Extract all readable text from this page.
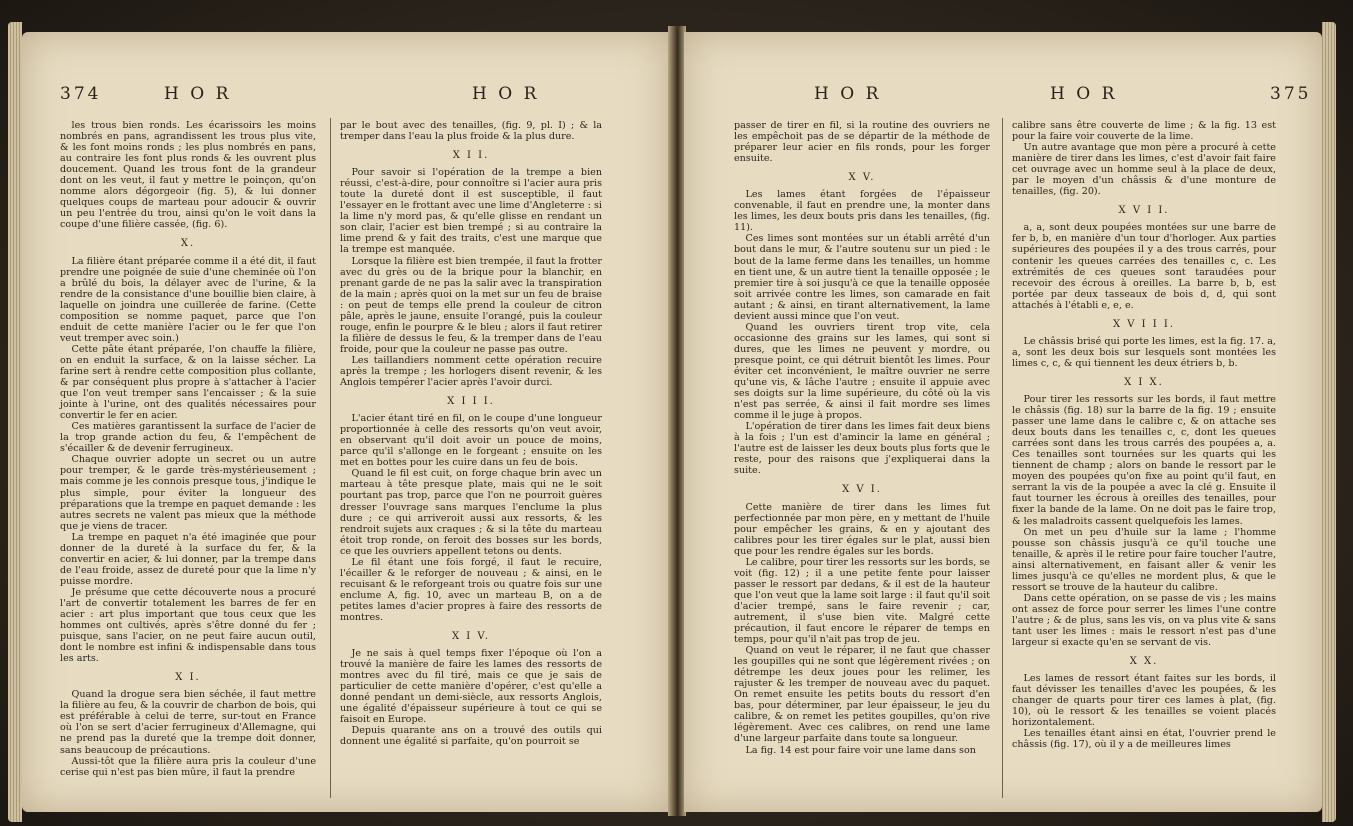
374	H O R	H O R

les trous bien ronds. Les écarissoirs les moins nombrés en pans, agrandissent les trous plus vite, & les font moins ronds ; les plus nombrés en pans, au contraire les font plus ronds & les ouvrent plus doucement. Quand les trous font de la grandeur dont on les veut, il faut y mettre le poinçon, qu'on nomme alors dégorgeoir (fig. 5), & lui donner quelques coups de marteau pour adoucir & ouvrir un peu l'entrée du trou, ainsi qu'on le voit dans la coupe d'une filière cassée, (fig. 6).

X.

La filière étant préparée comme il a été dit, il faut prendre une poignée de suie d'une cheminée où l'on a brûlé du bois, la délayer avec de l'urine, & la rendre de la consistance d'une bouillie bien claire, à laquelle on joindra une cuillerée de farine. (Cette composition se nomme paquet, parce que l'on enduit de cette manière l'acier ou le fer que l'on veut tremper avec soin.)

Cette pâte étant préparée, l'on chauffe la filière, on en enduit la surface, & on la laisse sécher. La farine sert à rendre cette composition plus collante, & par conséquent plus propre à s'attacher à l'acier que l'on veut tremper sans l'encaisser ; & la suie jointe à l'urine, ont des qualités nécessaires pour convertir le fer en acier.

Ces matières garantissent la surface de l'acier de la trop grande action du feu, & l'empêchent de s'écailler & de devenir ferrugineux.

Chaque ouvrier adopte un secret ou un autre pour tremper, & le garde très-mystérieusement ; mais comme je les connois presque tous, j'indique le plus simple, pour éviter la longueur des préparations que la trempe en paquet demande : les autres secrets ne valent pas mieux que la méthode que je viens de tracer.

La trempe en paquet n'a été imaginée que pour donner de la dureté à la surface du fer, & la convertir en acier, & lui donner, par la trempe dans de l'eau froide, assez de dureté pour que la lime n'y puisse mordre.

Je présume que cette découverte nous a procuré l'art de convertir totalement les barres de fer en acier : art plus important que tous ceux que les hommes ont cultivés, après s'être donné du fer ; puisque, sans l'acier, on ne peut faire aucun outil, dont le nombre est infini & indispensable dans tous les arts.

X I.

Quand la drogue sera bien séchée, il faut mettre la filière au feu, & la couvrir de charbon de bois, qui est préférable à celui de terre, sur-tout en France où l'on se sert d'acier ferrugineux d'Allemagne, qui ne prend pas la dureté que la trempe doit donner, sans beaucoup de précautions.

Aussi-tôt que la filière aura pris la couleur d'une cerise qui n'est pas bien mûre, il faut la prendre

par le bout avec des tenailles, (fig. 9, pl. I) ; & la tremper dans l'eau la plus froide & la plus dure.

X I I.

Pour savoir si l'opération de la trempe a bien réussi, c'est-à-dire, pour connoître si l'acier aura pris toute la dureté dont il est susceptible, il faut l'essayer en le frottant avec une lime d'Angleterre : si la lime n'y mord pas, & qu'elle glisse en rendant un son clair, l'acier est bien trempé ; si au contraire la lime prend & y fait des traits, c'est une marque que la trempe est manquée.

Lorsque la filière est bien trempée, il faut la frotter avec du grès ou de la brique pour la blanchir, en prenant garde de ne pas la salir avec la transpiration de la main ; après quoi on la met sur un feu de braise : on peut de temps elle prend la couleur de citron pâle, après le jaune, ensuite l'orangé, puis la couleur rouge, enfin le pourpre & le bleu ; alors il faut retirer la filière de dessus le feu, & la tremper dans de l'eau froide, pour que la couleur ne passe pas outre.

Les taillandiers nomment cette opération recuire après la trempe ; les horlogers disent revenir, & les Anglois tempérer l'acier après l'avoir durci.

X I I I.

L'acier étant tiré en fil, on le coupe d'une longueur proportionnée à celle des ressorts qu'on veut avoir, en observant qu'il doit avoir un pouce de moins, parce qu'il s'allonge en le forgeant ; ensuite on les met en bottes pour les cuire dans un feu de bois.

Quand le fil est cuit, on forge chaque brin avec un marteau à tête presque plate, mais qui ne le soit pourtant pas trop, parce que l'on ne pourroit guères dresser l'ouvrage sans marques l'enclume la plus dure ; ce qui arriveroit aussi aux ressorts, & les rendroit sujets aux craques ; & si la tête du marteau étoit trop ronde, on feroit des bosses sur les bords, ce que les ouvriers appellent tetons ou dents.

Le fil étant une fois forgé, il faut le recuire, l'écailler & le reforger de nouveau ; & ainsi, en le recuisant & le reforgeant trois ou quatre fois sur une enclume A, fig. 10, avec un marteau B, on a de petites lames d'acier propres à faire des ressorts de montres.

X I V.

Je ne sais à quel temps fixer l'époque où l'on a trouvé la manière de faire les lames des ressorts de montres avec du fil tiré, mais ce que je sais de particulier de cette manière d'opérer, c'est qu'elle a donné pendant un demi-siècle, aux ressorts Anglois, une égalité d'épaisseur supérieure à tout ce qui se faisoit en Europe.

Depuis quarante ans on a trouvé des outils qui donnent une égalité si parfaite, qu'on pourroit se

H O R	H O R	375

passer de tirer en fil, si la routine des ouvriers ne les empêchoit pas de se départir de la méthode de préparer leur acier en fils ronds, pour les forger ensuite.

X V.

Les lames étant forgées de l'épaisseur convenable, il faut en prendre une, la monter dans les limes, les deux bouts pris dans les tenailles, (fig. 11).

Ces limes sont montées sur un établi arrêté d'un bout dans le mur, & l'autre soutenu sur un pied : le bout de la lame ferme dans les tenailles, un homme en tient une, & un autre tient la tenaille opposée ; le premier tire à soi jusqu'à ce que la tenaille opposée soit arrivée contre les limes, son camarade en fait autant ; & ainsi, en tirant alternativement, la lame devient aussi mince que l'on veut.

Quand les ouvriers tirent trop vite, cela occasionne des grains sur les lames, qui sont si dures, que les limes ne peuvent y mordre, ou presque point, ce qui détruit bientôt les limes. Pour éviter cet inconvénient, le maître ouvrier ne serre qu'une vis, & lâche l'autre ; ensuite il appuie avec ses doigts sur la lime supérieure, du côté où la vis n'est pas serrée, & ainsi il fait mordre ses limes comme il le juge à propos.

L'opération de tirer dans les limes fait deux biens à la fois ; l'un est d'amincir la lame en général ; l'autre est de laisser les deux bouts plus forts que le reste, pour des raisons que j'expliquerai dans la suite.

X V I.

Cette manière de tirer dans les limes fut perfectionnée par mon père, en y mettant de l'huile pour empêcher les grains, & en y ajoutant des calibres pour les tirer égales sur le plat, aussi bien que pour les rendre égales sur les bords.

Le calibre, pour tirer les ressorts sur les bords, se voit (fig. 12) ; il a une petite fente pour laisser passer le ressort par dedans, & il est de la hauteur que l'on veut que la lame soit large : il faut qu'il soit d'acier trempé, sans le faire revenir ; car, autrement, il s'use bien vite. Malgré cette précaution, il faut encore le réparer de temps en temps, pour qu'il n'ait pas trop de jeu.

Quand on veut le réparer, il ne faut que chasser les goupilles qui ne sont que légèrement rivées ; on détrempe les deux joues pour les relimer, les rajuster & les tremper de nouveau avec du paquet. On remet ensuite les petits bouts du ressort d'en bas, pour déterminer, par leur épaisseur, le jeu du calibre, & on remet les petites goupilles, qu'on rive légèrement. Avec ces calibres, on rend une lame d'une largeur parfaite dans toute sa longueur.

La fig. 14 est pour faire voir une lame dans son

calibre sans être couverte de lime ; & la fig. 13 est pour la faire voir couverte de la lime.

Un autre avantage que mon père a procuré à cette manière de tirer dans les limes, c'est d'avoir fait faire cet ouvrage avec un homme seul à la place de deux, par le moyen d'un châssis & d'une monture de tenailles, (fig. 20).

X V I I.

a, a, sont deux poupées montées sur une barre de fer b, b, en manière d'un tour d'horloger. Aux parties supérieures des poupées il y a des trous carrés, pour contenir les queues carrées des tenailles c, c. Les extrémités de ces queues sont taraudées pour recevoir des écrous à oreilles. La barre b, b, est portée par deux tasseaux de bois d, d, qui sont attachés à l'établi e, e, e.

X V I I I.

Le châssis brisé qui porte les limes, est la fig. 17. a, a, sont les deux bois sur lesquels sont montées les limes c, c, & qui tiennent les deux étriers b, b.

X I X.

Pour tirer les ressorts sur les bords, il faut mettre le châssis (fig. 18) sur la barre de la fig. 19 ; ensuite passer une lame dans le calibre c, & on attache ses deux bouts dans les tenailles c, c, dont les queues carrées sont dans les trous carrés des poupées a, a. Ces tenailles sont tournées sur les quarts qui les tiennent de champ ; alors on bande le ressort par le moyen des poupées qu'on fixe au point qu'il faut, en serrant la vis de la poupée a avec la clé g. Ensuite il faut tourner les écrous à oreilles des tenailles, pour fixer la bande de la lame. On ne doit pas le faire trop, & les maladroits cassent quelquefois les lames.

On met un peu d'huile sur la lame ; l'homme pousse son châssis jusqu'à ce qu'il touche une tenaille, & après il le retire pour faire toucher l'autre, ainsi alternativement, en faisant aller & venir les limes jusqu'à ce qu'elles ne mordent plus, & que le ressort se trouve de la hauteur du calibre.

Dans cette opération, on se passe de vis ; les mains ont assez de force pour serrer les limes l'une contre l'autre ; & de plus, sans les vis, on va plus vite & sans tant user les limes : mais le ressort n'est pas d'une largeur si exacte qu'en se servant de vis.

X X.

Les lames de ressort étant faites sur les bords, il faut dévisser les tenailles d'avec les poupées, & les changer de quarts pour tirer ces lames à plat, (fig. 10), où le ressort & les tenailles se voient placés horizontalement.

Les tenailles étant ainsi en état, l'ouvrier prend le châssis (fig. 17), où il y a de meilleures limes
